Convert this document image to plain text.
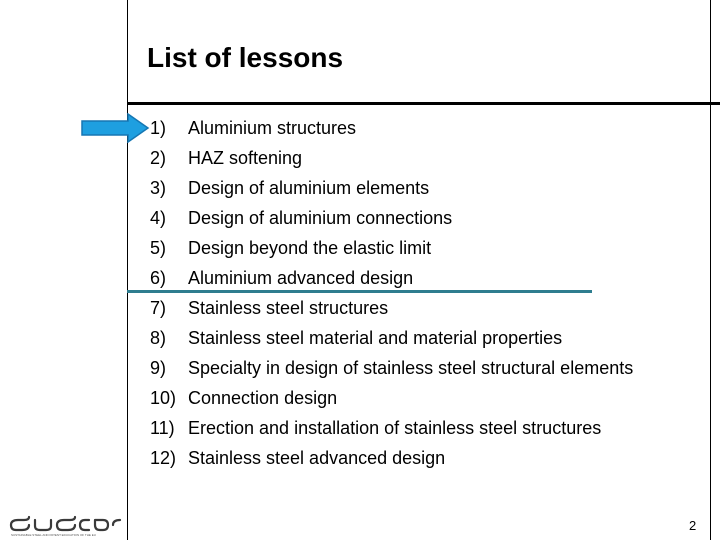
List of lessons
1) Aluminium structures
2) HAZ softening
3) Design of aluminium elements
4) Design of aluminium connections
5) Design beyond the elastic limit
6) Aluminium advanced design
7) Stainless steel structures
8) Stainless steel material and material properties
9) Specialty in design of stainless steel structural elements
10) Connection design
11) Erection and installation of stainless steel structures
12) Stainless steel advanced design
SUSTAINABLE STEEL AND PATENT EDUCATION OF THE EU
2
